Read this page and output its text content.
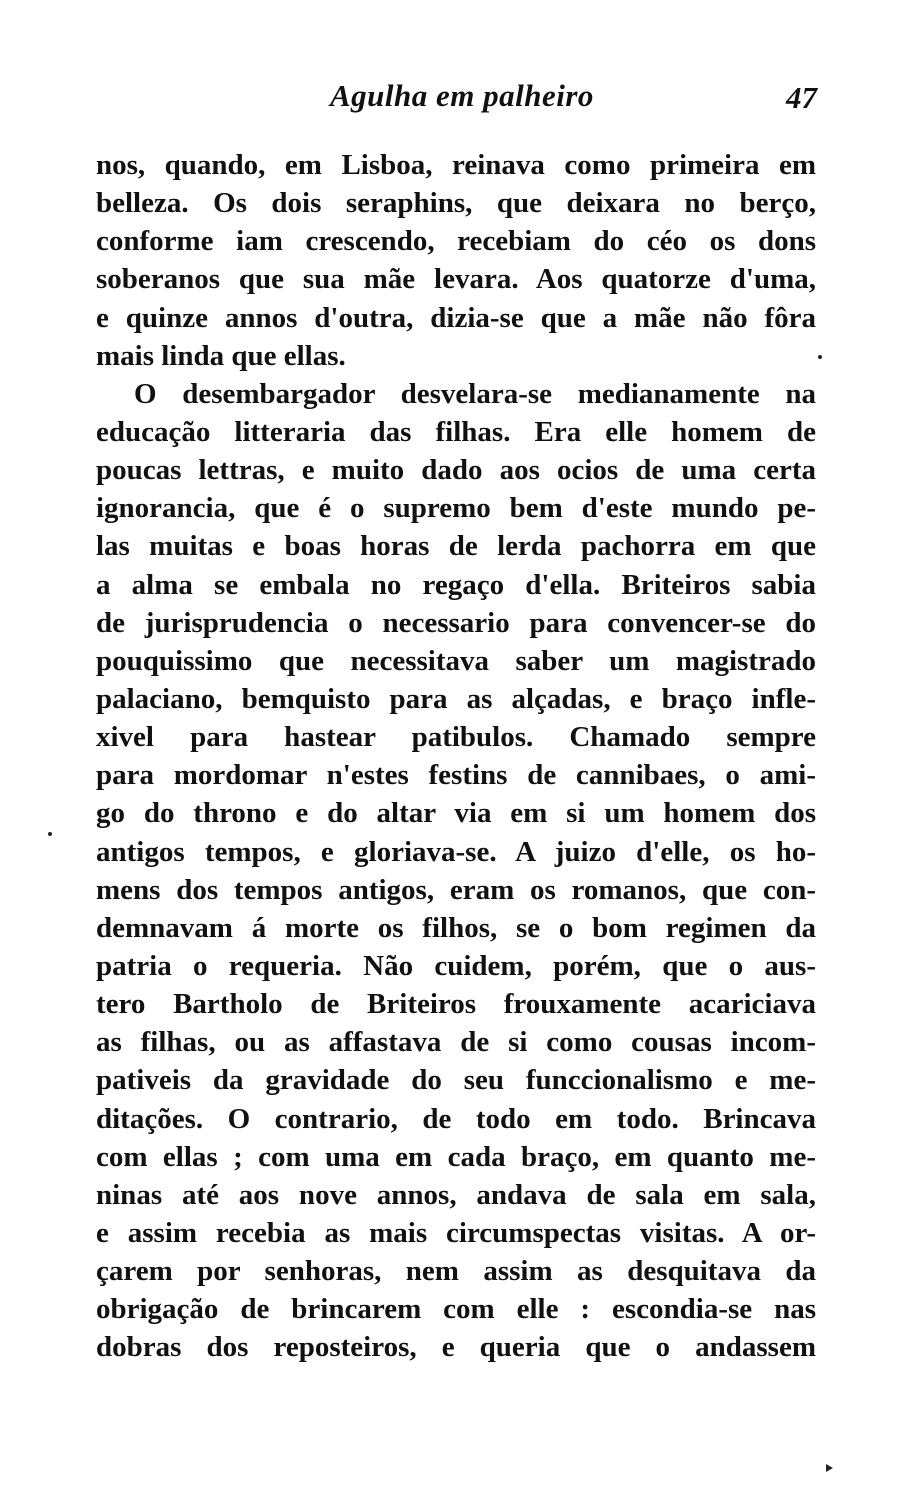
Agulha em palheiro	47
nos, quando, em Lisboa, reinava como primeira em
belleza. Os dois seraphins, que deixara no berço,
conforme iam crescendo, recebiam do céo os dons
soberanos que sua mãe levara. Aos quatorze d'uma,
e quinze annos d'outra, dizia-se que a mãe não fôra
mais linda que ellas.
O desembargador desvelara-se medianamente na
educação litteraria das filhas. Era elle homem de
poucas lettras, e muito dado aos ocios de uma certa
ignorancia, que é o supremo bem d'este mundo pe-
las muitas e boas horas de lerda pachorra em que
a alma se embala no regaço d'ella. Briteiros sabia
de jurisprudencia o necessario para convencer-se do
pouquissimo que necessitava saber um magistrado
palaciano, bemquisto para as alçadas, e braço infle-
xivel para hastear patibulos. Chamado sempre
para mordomar n'estes festins de cannibaes, o ami-
go do throno e do altar via em si um homem dos
antigos tempos, e gloriava-se. A juizo d'elle, os ho-
mens dos tempos antigos, eram os romanos, que con-
demnavam á morte os filhos, se o bom regimen da
patria o requeria. Não cuidem, porém, que o aus-
tero Bartholo de Briteiros frouxamente acariciava
as filhas, ou as affastava de si como cousas incom-
pativeis da gravidade do seu funccionalismo e me-
ditações. O contrario, de todo em todo. Brincava
com ellas ; com uma em cada braço, em quanto me-
ninas até aos nove annos, andava de sala em sala,
e assim recebia as mais circumspectas visitas. A or-
çarem por senhoras, nem assim as desquitava da
obrigação de brincarem com elle : escondia-se nas
dobras dos reposteiros, e queria que o andassem
